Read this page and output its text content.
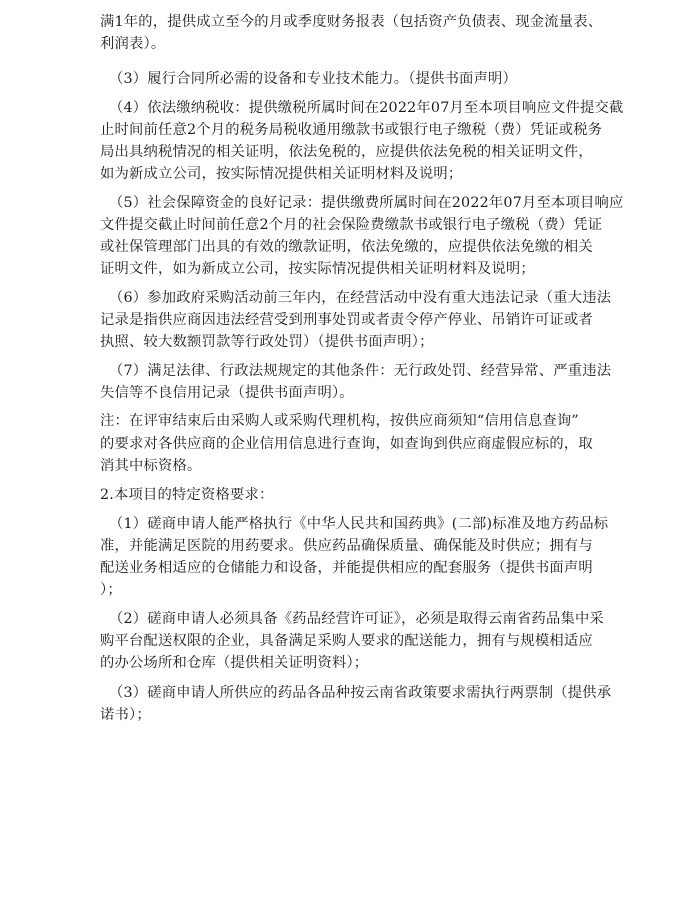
满1年的，提供成立至今的月或季度财务报表（包括资产负债表、现金流量表、
利润表）。
（3）履行合同所必需的设备和专业技术能力。（提供书面声明）
（4）依法缴纳税收：提供缴税所属时间在2022年07月至本项目响应文件提交截
止时间前任意2个月的税务局税收通用缴款书或银行电子缴税（费）凭证或税务
局出具纳税情况的相关证明，依法免税的，应提供依法免税的相关证明文件，
如为新成立公司，按实际情况提供相关证明材料及说明；
（5）社会保障资金的良好记录：提供缴费所属时间在2022年07月至本项目响应
文件提交截止时间前任意2个月的社会保险费缴款书或银行电子缴税（费）凭证
或社保管理部门出具的有效的缴款证明，依法免缴的，应提供依法免缴的相关
证明文件，如为新成立公司，按实际情况提供相关证明材料及说明；
（6）参加政府采购活动前三年内，在经营活动中没有重大违法记录（重大违法
记录是指供应商因违法经营受到刑事处罚或者责令停产停业、吊销许可证或者
执照、较大数额罚款等行政处罚）（提供书面声明）；
（7）满足法律、行政法规规定的其他条件：无行政处罚、经营异常、严重违法
失信等不良信用记录（提供书面声明）。
注：在评审结束后由采购人或采购代理机构，按供应商须知“信用信息查询”
的要求对各供应商的企业信用信息进行查询，如查询到供应商虚假应标的，取
消其中标资格。
2.本项目的特定资格要求：
（1）磋商申请人能严格执行《中华人民共和国药典》(二部)标准及地方药品标
准，并能满足医院的用药要求。供应药品确保质量、确保能及时供应；拥有与
配送业务相适应的仓储能力和设备，并能提供相应的配套服务（提供书面声明
）；
（2）磋商申请人必须具备《药品经营许可证》，必须是取得云南省药品集中采
购平台配送权限的企业，具备满足采购人要求的配送能力，拥有与规模相适应
的办公场所和仓库（提供相关证明资料）；
（3）磋商申请人所供应的药品各品种按云南省政策要求需执行两票制（提供承
诺书）；
